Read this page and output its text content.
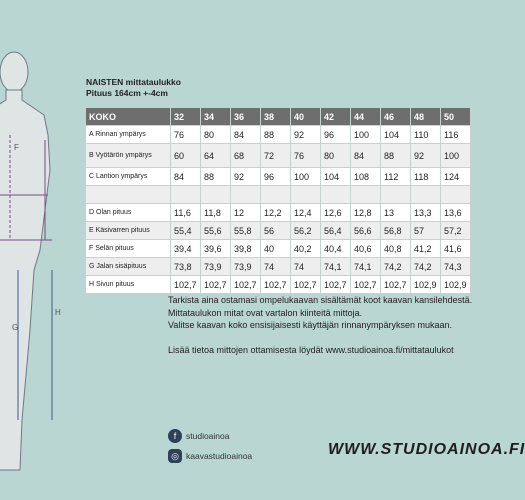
F
G
H
NAISTEN mittataulukko
Pituus 164cm +-4cm
KOKO	32	34	36	38	40	42	44	46	48	50
A Rinnan ympärys	76	80	84	88	92	96	100	104	110	116
B Vyötärön ympärys	60	64	68	72	76	80	84	88	92	100
C Lantion ympärys	84	88	92	96	100	104	108	112	118	124

D Olan pituus	11,6	11,8	12	12,2	12,4	12,6	12,8	13	13,3	13,6
E Käsivarren pituus	55,4	55,6	55,8	56	56,2	56,4	56,6	56,8	57	57,2
F Selän pituus	39,4	39,6	39,8	40	40,2	40,4	40,6	40,8	41,2	41,6
G Jalan sisäpituus	73,8	73,9	73,9	74	74	74,1	74,1	74,2	74,2	74,3
H Sivun pituus	102,7	102,7	102,7	102,7	102,7	102,7	102,7	102,7	102,9	102,9

Tarkista aina ostamasi ompelukaavan sisältämät koot kaavan kansilehdestä.

Mittataulukon mitat ovat vartalon kiinteitä mittoja.

Valitse kaavan koko ensisijaisesti käyttäjän rinnanympäryksen mukaan.

Lisää tietoa mittojen ottamisesta löydät www.studioainoa.fi/mittataulukot

f	studioainoa
◎ kaavastudioainoa	WWW.STUDIOAINOA.FI
